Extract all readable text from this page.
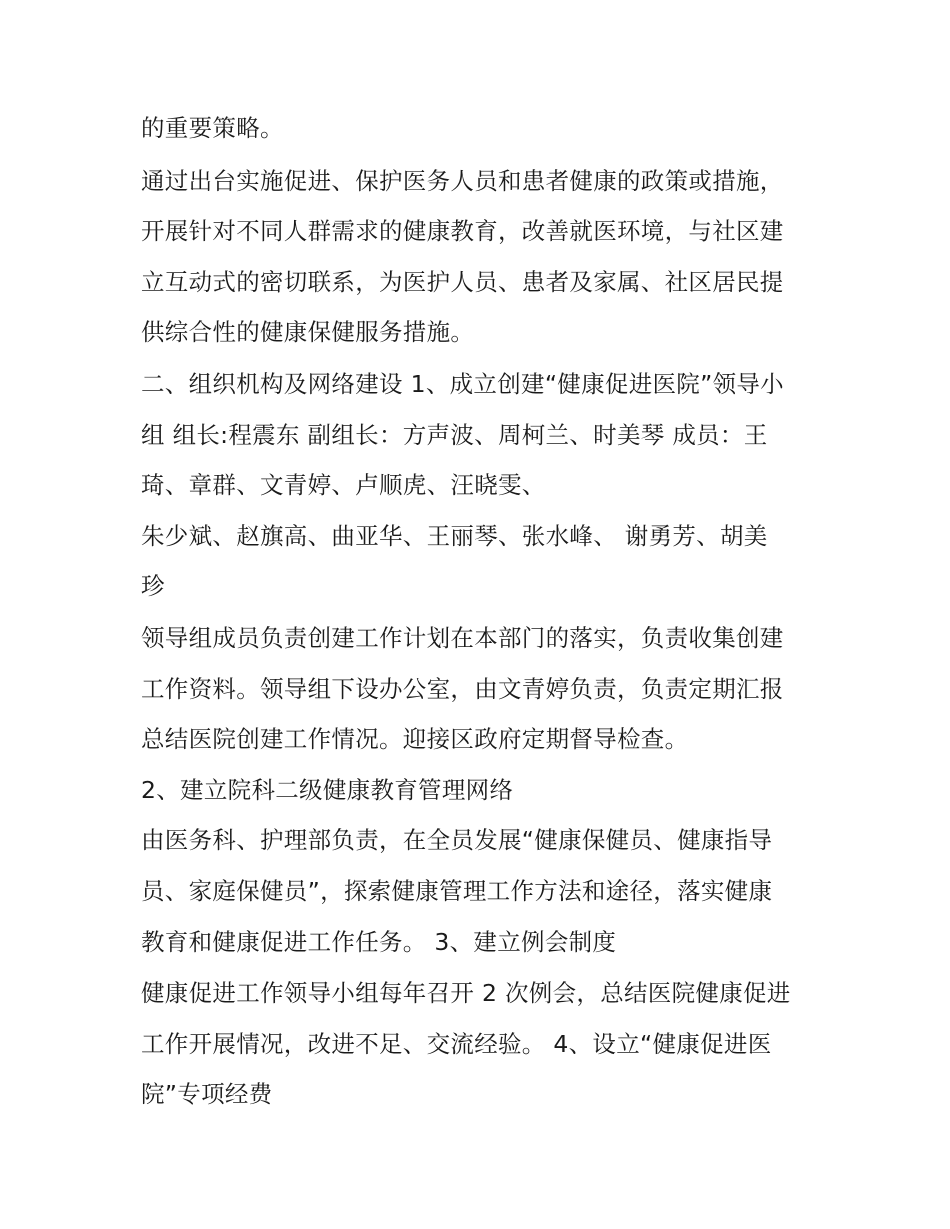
的重要策略。
通过出台实施促进、保护医务人员和患者健康的政策或措施，
开展针对不同人群需求的健康教育，改善就医环境，与社区建
立互动式的密切联系，为医护人员、患者及家属、社区居民提
供综合性的健康保健服务措施。
二、组织机构及网络建设 1、成立创建“健康促进医院”领导小
组 组长:程震东 副组长：方声波、周柯兰、时美琴 成员：王
琦、章群、文青婷、卢顺虎、汪晓雯、
朱少斌、赵旗高、曲亚华、王丽琴、张水峰、 谢勇芳、胡美
珍
领导组成员负责创建工作计划在本部门的落实，负责收集创建
工作资料。领导组下设办公室，由文青婷负责，负责定期汇报
总结医院创建工作情况。迎接区政府定期督导检查。
2、建立院科二级健康教育管理网络
由医务科、护理部负责，在全员发展“健康保健员、健康指导
员、家庭保健员”，探索健康管理工作方法和途径，落实健康
教育和健康促进工作任务。 3、建立例会制度
健康促进工作领导小组每年召开 2 次例会，总结医院健康促进
工作开展情况，改进不足、交流经验。 4、设立“健康促进医
院”专项经费
